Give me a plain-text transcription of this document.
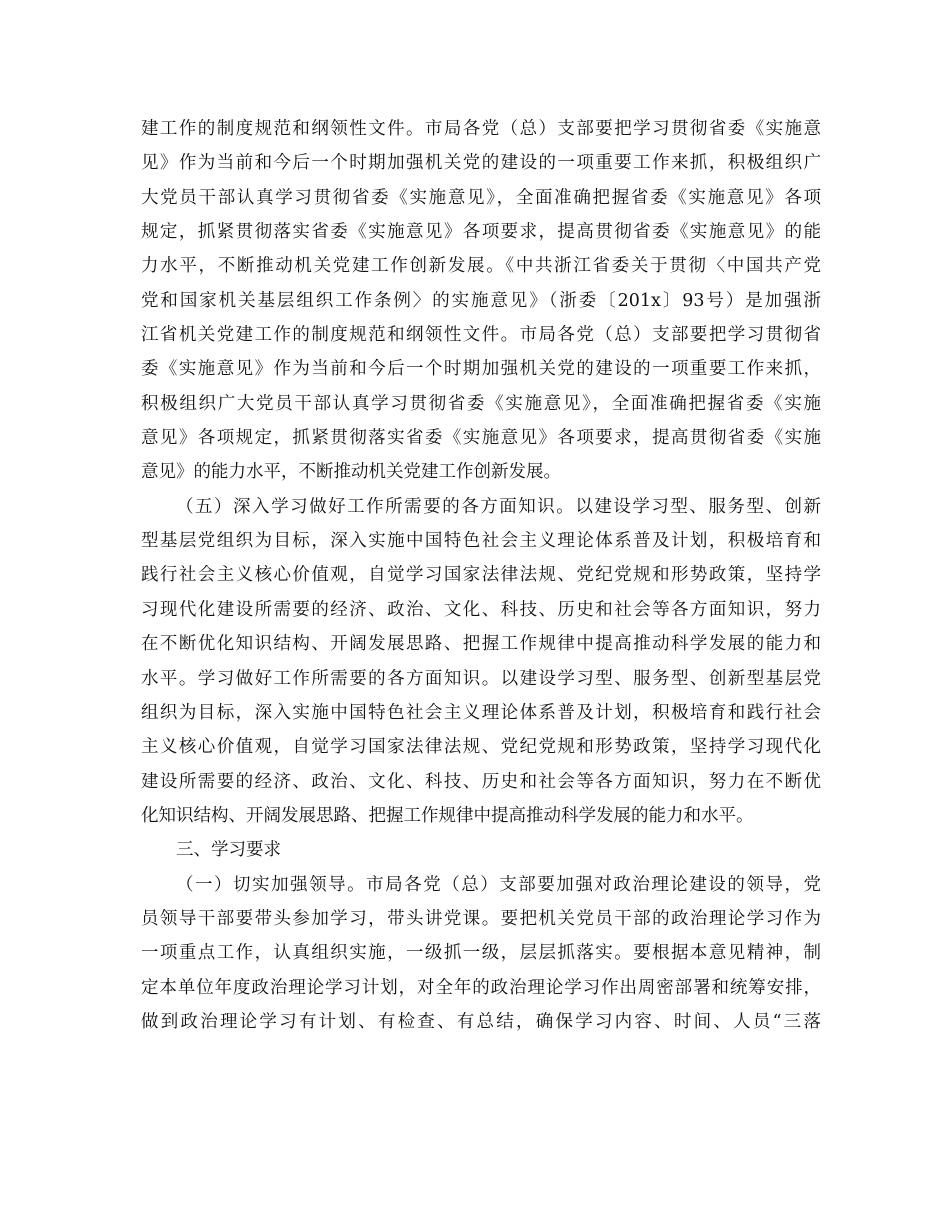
建工作的制度规范和纲领性文件。市局各党（总）支部要把学习贯彻省委《实施意
见》作为当前和今后一个时期加强机关党的建设的一项重要工作来抓，积极组织广
大党员干部认真学习贯彻省委《实施意见》，全面准确把握省委《实施意见》各项
规定，抓紧贯彻落实省委《实施意见》各项要求，提高贯彻省委《实施意见》的能
力水平，不断推动机关党建工作创新发展。《中共浙江省委关于贯彻〈中国共产党
党和国家机关基层组织工作条例〉的实施意见》（浙委〔201x〕93号）是加强浙
江省机关党建工作的制度规范和纲领性文件。市局各党（总）支部要把学习贯彻省
委《实施意见》作为当前和今后一个时期加强机关党的建设的一项重要工作来抓，
积极组织广大党员干部认真学习贯彻省委《实施意见》，全面准确把握省委《实施
意见》各项规定，抓紧贯彻落实省委《实施意见》各项要求，提高贯彻省委《实施
意见》的能力水平，不断推动机关党建工作创新发展。
（五）深入学习做好工作所需要的各方面知识。以建设学习型、服务型、创新
型基层党组织为目标，深入实施中国特色社会主义理论体系普及计划，积极培育和
践行社会主义核心价值观，自觉学习国家法律法规、党纪党规和形势政策，坚持学
习现代化建设所需要的经济、政治、文化、科技、历史和社会等各方面知识，努力
在不断优化知识结构、开阔发展思路、把握工作规律中提高推动科学发展的能力和
水平。学习做好工作所需要的各方面知识。以建设学习型、服务型、创新型基层党
组织为目标，深入实施中国特色社会主义理论体系普及计划，积极培育和践行社会
主义核心价值观，自觉学习国家法律法规、党纪党规和形势政策，坚持学习现代化
建设所需要的经济、政治、文化、科技、历史和社会等各方面知识，努力在不断优
化知识结构、开阔发展思路、把握工作规律中提高推动科学发展的能力和水平。
三、学习要求
（一）切实加强领导。市局各党（总）支部要加强对政治理论建设的领导，党
员领导干部要带头参加学习，带头讲党课。要把机关党员干部的政治理论学习作为
一项重点工作，认真组织实施，一级抓一级，层层抓落实。要根据本意见精神，制
定本单位年度政治理论学习计划，对全年的政治理论学习作出周密部署和统筹安排，
做到政治理论学习有计划、有检查、有总结，确保学习内容、时间、人员“三落
